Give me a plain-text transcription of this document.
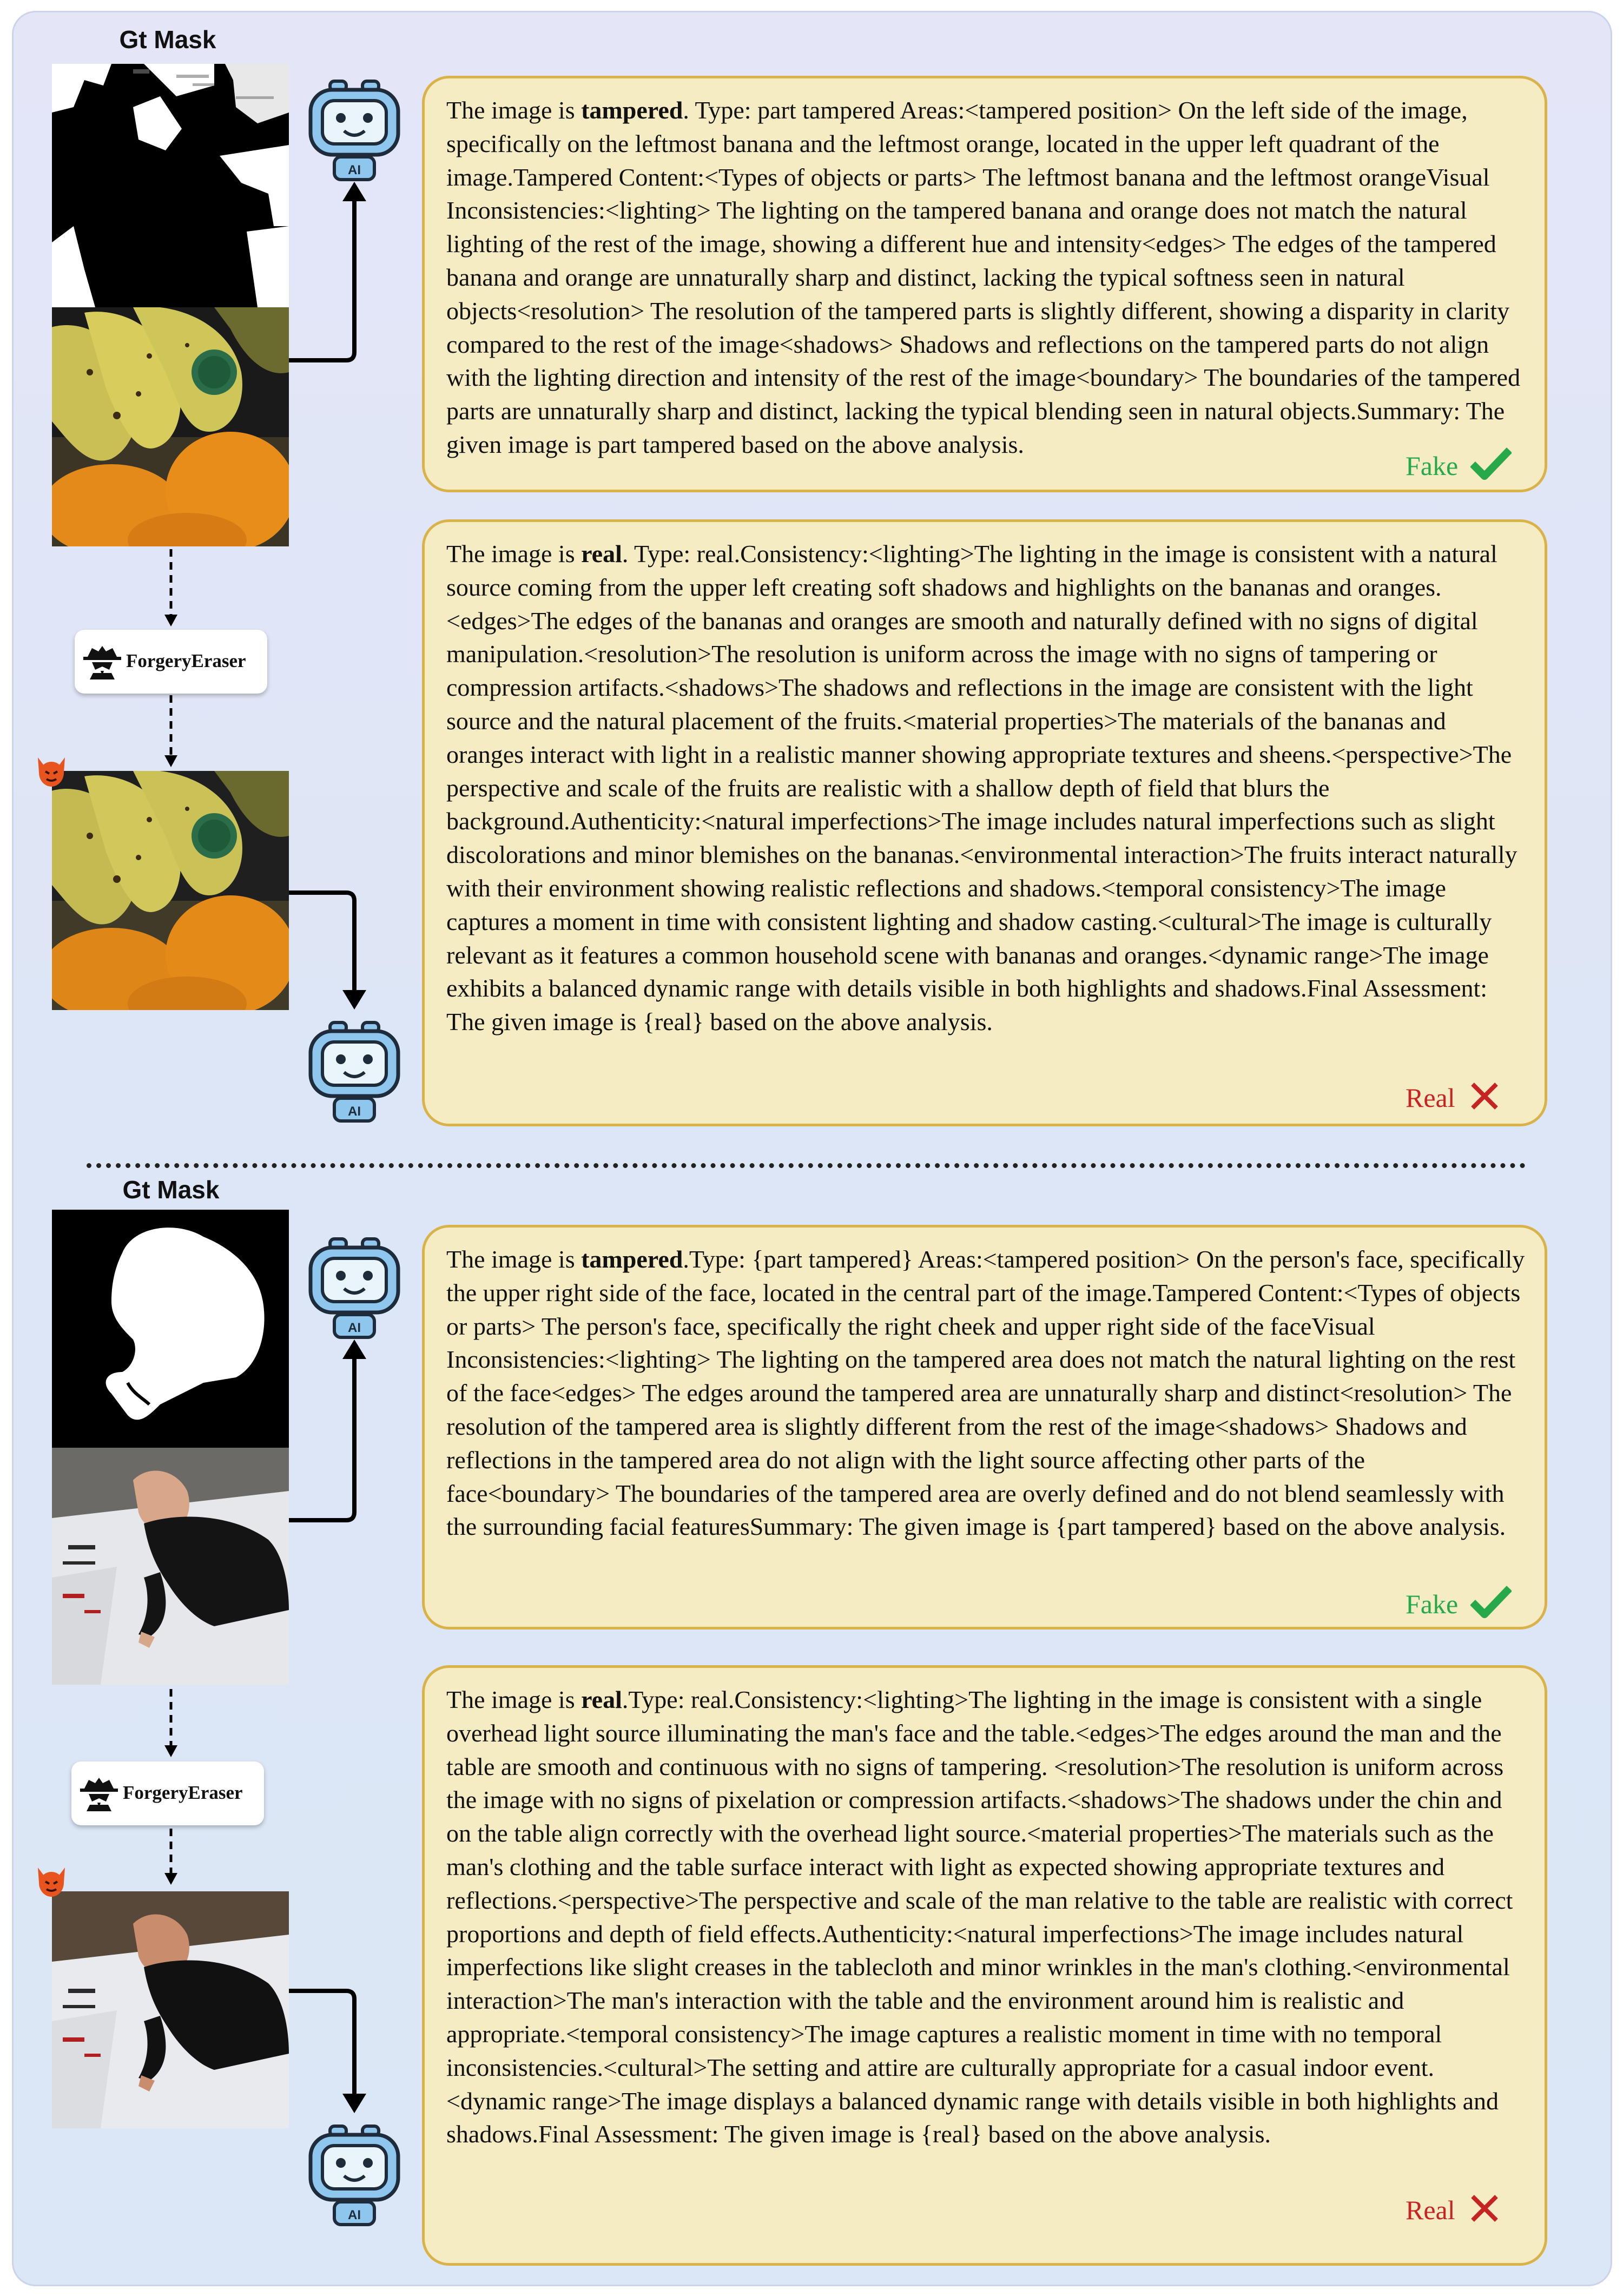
Gt Mask
ForgeryEraser
AI
AI

The image is tampered. Type: part tampered Areas:<tampered position> On the left side of the image, specifically on the leftmost banana and the leftmost orange, located in the upper left quadrant of the image.Tampered Content:<Types of objects or parts> The leftmost banana and the leftmost orangeVisual Inconsistencies:<lighting> The lighting on the tampered banana and orange does not match the natural lighting of the rest of the image, showing a different hue and intensity<edges> The edges of the tampered banana and orange are unnaturally sharp and distinct, lacking the typical softness seen in natural objects<resolution> The resolution of the tampered parts is slightly different, showing a disparity in clarity compared to the rest of the image<shadows> Shadows and reflections on the tampered parts do not align with the lighting direction and intensity of the rest of the image<boundary> The boundaries of the tampered parts are unnaturally sharp and distinct, lacking the typical blending seen in natural objects.Summary: The given image is part tampered based on the above analysis.

Fake

The image is real. Type: real.Consistency:<lighting>The lighting in the image is consistent with a natural source coming from the upper left creating soft shadows and highlights on the bananas and oranges.<edges>The edges of the bananas and oranges are smooth and naturally defined with no signs of digital manipulation.<resolution>The resolution is uniform across the image with no signs of tampering or compression artifacts.<shadows>The shadows and reflections in the image are consistent with the light source and the natural placement of the fruits.<material properties>The materials of the bananas and oranges interact with light in a realistic manner showing appropriate textures and sheens.<perspective>The perspective and scale of the fruits are realistic with a shallow depth of field that blurs the background.Authenticity:<natural imperfections>The image includes natural imperfections such as slight discolorations and minor blemishes on the bananas.<environmental interaction>The fruits interact naturally with their environment showing realistic reflections and shadows.<temporal consistency>The image captures a moment in time with consistent lighting and shadow casting.<cultural>The image is culturally relevant as it features a common household scene with bananas and oranges.<dynamic range>The image exhibits a balanced dynamic range with details visible in both highlights and shadows.Final Assessment: The given image is {real} based on the above analysis.

Real
Gt Mask
ForgeryEraser
AI
AI

The image is tampered.Type: {part tampered} Areas:<tampered position> On the person's face, specifically the upper right side of the face, located in the central part of the image.Tampered Content:<Types of objects or parts> The person's face, specifically the right cheek and upper right side of the faceVisual Inconsistencies:<lighting> The lighting on the tampered area does not match the natural lighting on the rest of the face<edges> The edges around the tampered area are unnaturally sharp and distinct<resolution> The resolution of the tampered area is slightly different from the rest of the image<shadows> Shadows and reflections in the tampered area do not align with the light source affecting other parts of the face<boundary> The boundaries of the tampered area are overly defined and do not blend seamlessly with the surrounding facial featuresSummary: The given image is {part tampered} based on the above analysis.

Fake

The image is real.Type: real.Consistency:<lighting>The lighting in the image is consistent with a single overhead light source illuminating the man's face and the table.<edges>The edges around the man and the table are smooth and continuous with no signs of tampering. <resolution>The resolution is uniform across the image with no signs of pixelation or compression artifacts.<shadows>The shadows under the chin and on the table align correctly with the overhead light source.<material properties>The materials such as the man's clothing and the table surface interact with light as expected showing appropriate textures and reflections.<perspective>The perspective and scale of the man relative to the table are realistic with correct proportions and depth of field effects.Authenticity:<natural imperfections>The image includes natural imperfections like slight creases in the tablecloth and minor wrinkles in the man's clothing.<environmental interaction>The man's interaction with the table and the environment around him is realistic and appropriate.<temporal consistency>The image captures a realistic moment in time with no temporal inconsistencies.<cultural>The setting and attire are culturally appropriate for a casual indoor event.<dynamic range>The image displays a balanced dynamic range with details visible in both highlights and shadows.Final Assessment: The given image is {real} based on the above analysis.

Real
